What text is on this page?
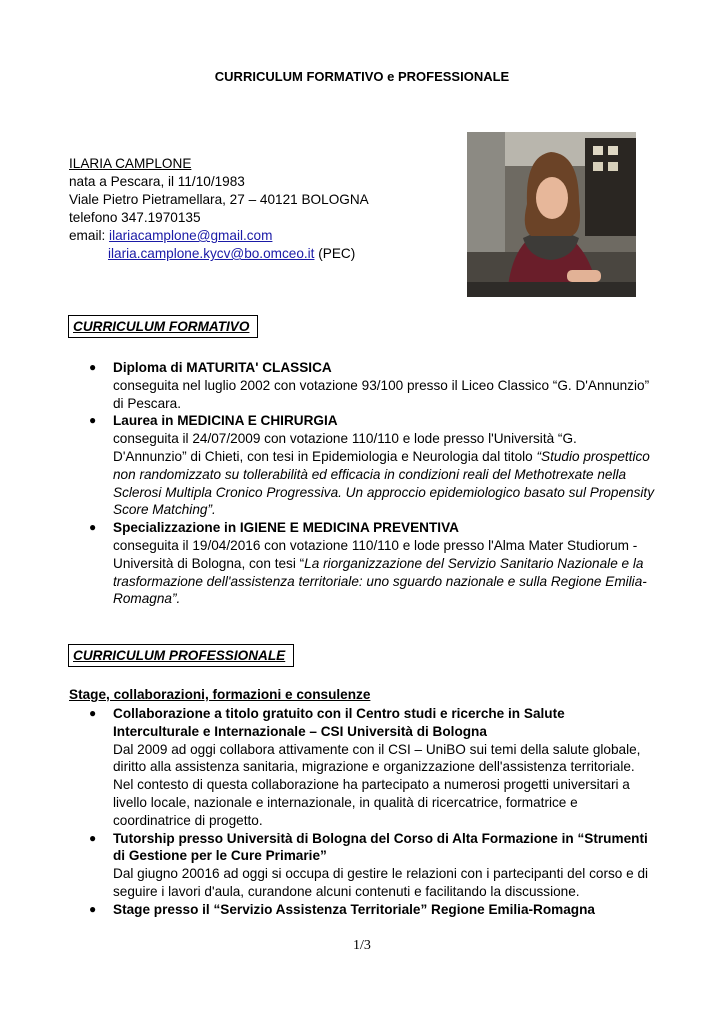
CURRICULUM FORMATIVO e PROFESSIONALE
ILARIA CAMPLONE
nata a Pescara, il 11/10/1983
Viale Pietro Pietramellara, 27 – 40121 BOLOGNA
telefono 347.1970135
email: ilariacamplone@gmail.com
ilaria.camplone.kycv@bo.omceo.it (PEC)
CURRICULUM FORMATIVO
● Diploma di MATURITA' CLASSICA
conseguita nel luglio 2002 con votazione 93/100 presso il Liceo Classico “G. D'Annunzio” di Pescara.
● Laurea in MEDICINA E CHIRURGIA
conseguita il 24/07/2009 con votazione 110/110 e lode presso l'Università “G. D'Annunzio” di Chieti, con tesi in Epidemiologia e Neurologia dal titolo “Studio prospettico non randomizzato su tollerabilità ed efficacia in condizioni reali del Methotrexate nella Sclerosi Multipla Cronico Progressiva. Un approccio epidemiologico basato sul Propensity Score Matching”.
● Specializzazione in IGIENE E MEDICINA PREVENTIVA
conseguita il 19/04/2016 con votazione 110/110 e lode presso l'Alma Mater Studiorum - Università di Bologna, con tesi “La riorganizzazione del Servizio Sanitario Nazionale e la trasformazione dell'assistenza territoriale: uno sguardo nazionale e sulla Regione Emilia-Romagna”.
CURRICULUM PROFESSIONALE
Stage, collaborazioni, formazioni e consulenze
● Collaborazione a titolo gratuito con il Centro studi e ricerche in Salute Interculturale e Internazionale – CSI Università di Bologna
Dal 2009 ad oggi collabora attivamente con il CSI – UniBO sui temi della salute globale, diritto alla assistenza sanitaria, migrazione e organizzazione dell'assistenza territoriale. Nel contesto di questa collaborazione ha partecipato a numerosi progetti universitari a livello locale, nazionale e internazionale, in qualità di ricercatrice, formatrice e coordinatrice di progetto.
● Tutorship presso Università di Bologna del Corso di Alta Formazione in “Strumenti di Gestione per le Cure Primarie”
Dal giugno 20016 ad oggi si occupa di gestire le relazioni con i partecipanti del corso e di seguire i lavori d'aula, curandone alcuni contenuti e facilitando la discussione.
● Stage presso il “Servizio Assistenza Territoriale” Regione Emilia-Romagna
1/3
